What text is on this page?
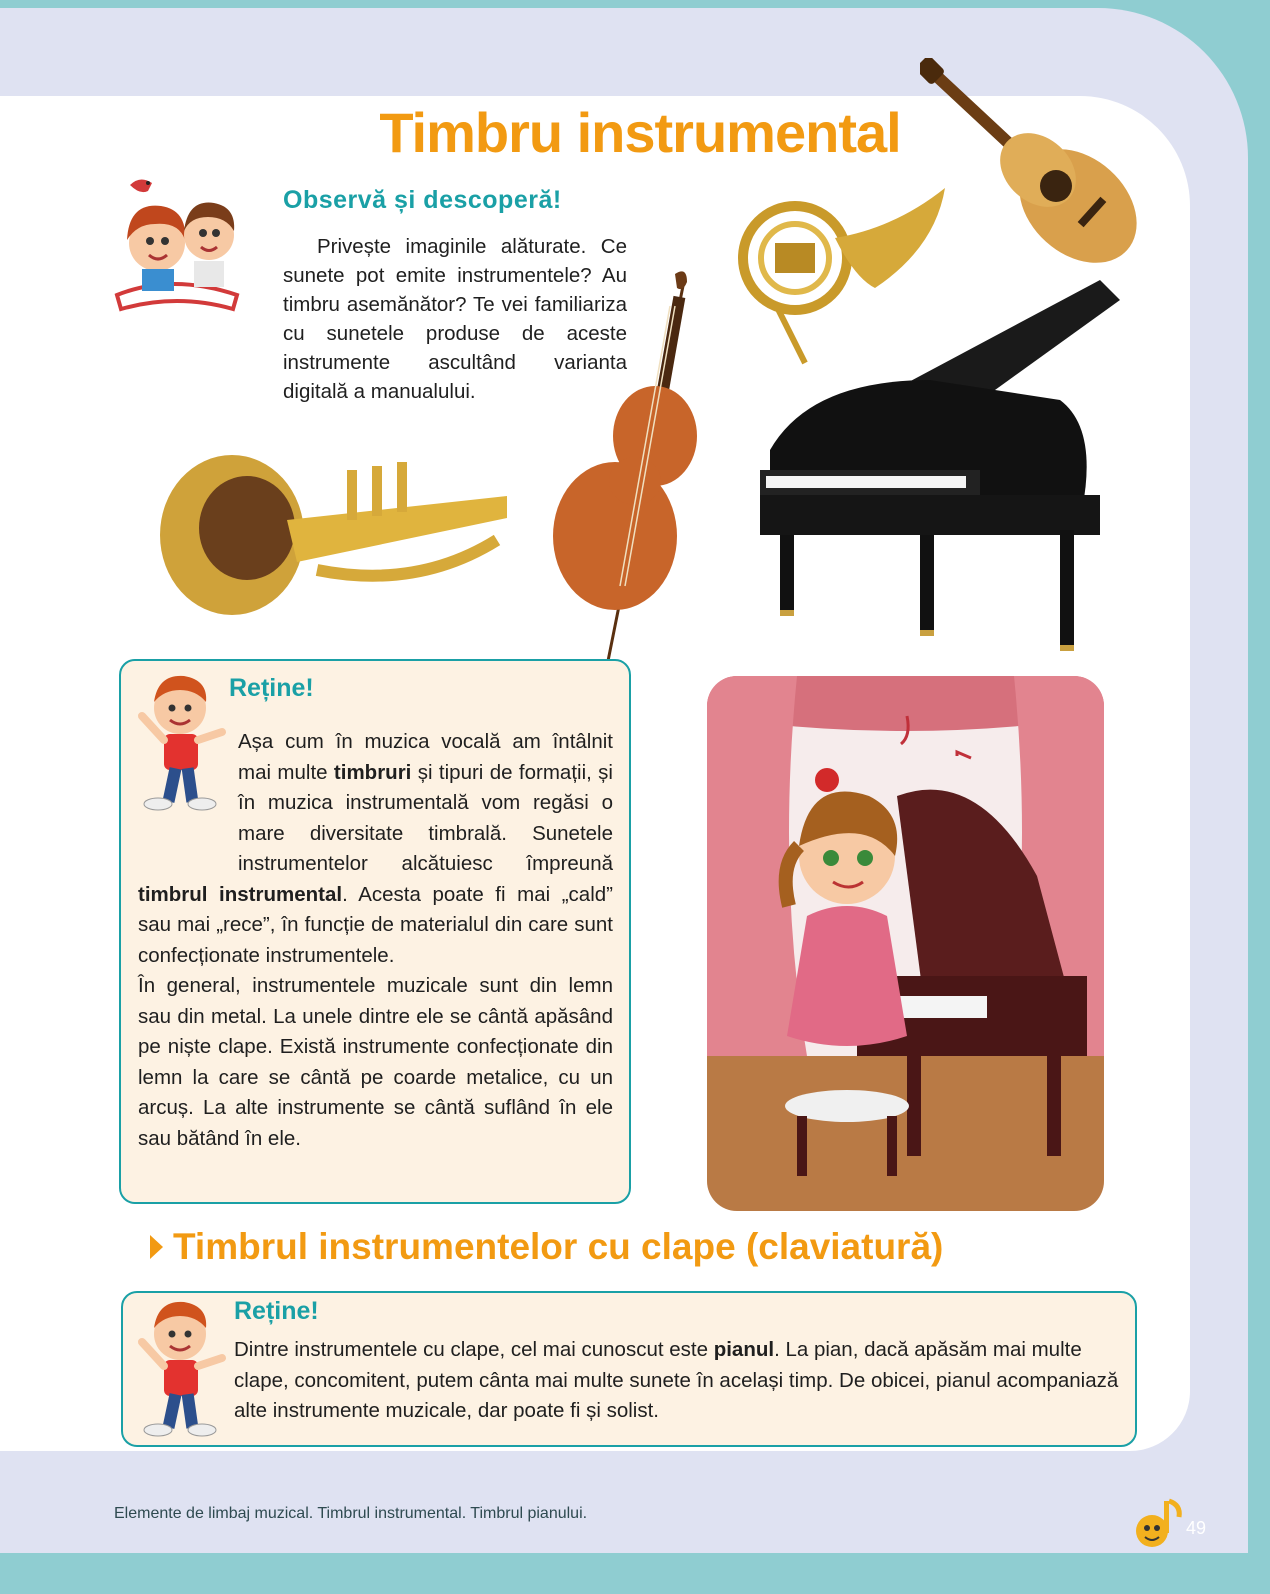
Timbru instrumental
Observă și descoperă!

Privește imaginile alăturate. Ce sunete pot emite instrumentele? Au timbru asemănător? Te vei familiariza cu sunetele produse de aceste instrumente ascultând varianta digitală a manualului.

Reține!

Așa cum în muzica vocală am întâlnit mai multe timbruri și tipuri de formații, și în muzica instrumentală vom regăsi o mare diversitate timbrală. Sunetele instrumentelor alcătuiesc împreună timbrul instrumental. Acesta poate fi mai „cald” sau mai „rece”, în funcție de materialul din care sunt confecționate instrumentele.

În general, instrumentele muzicale sunt din lemn sau din metal. La unele dintre ele se cântă apăsând pe niște clape. Există instrumente confecționate din lemn la care se cântă pe coarde metalice, cu un arcuș. La alte instrumente se cântă suflând în ele sau bătând în ele.

Timbrul instrumentelor cu clape (claviatură)
Reține!

Dintre instrumentele cu clape, cel mai cunoscut este pianul. La pian, dacă apăsăm mai multe clape, concomitent, putem cânta mai multe sunete în același timp. De obicei, pianul acompaniază alte instrumente muzicale, dar poate fi și solist.

Elemente de limbaj muzical. Timbrul instrumental. Timbrul pianului.

49
